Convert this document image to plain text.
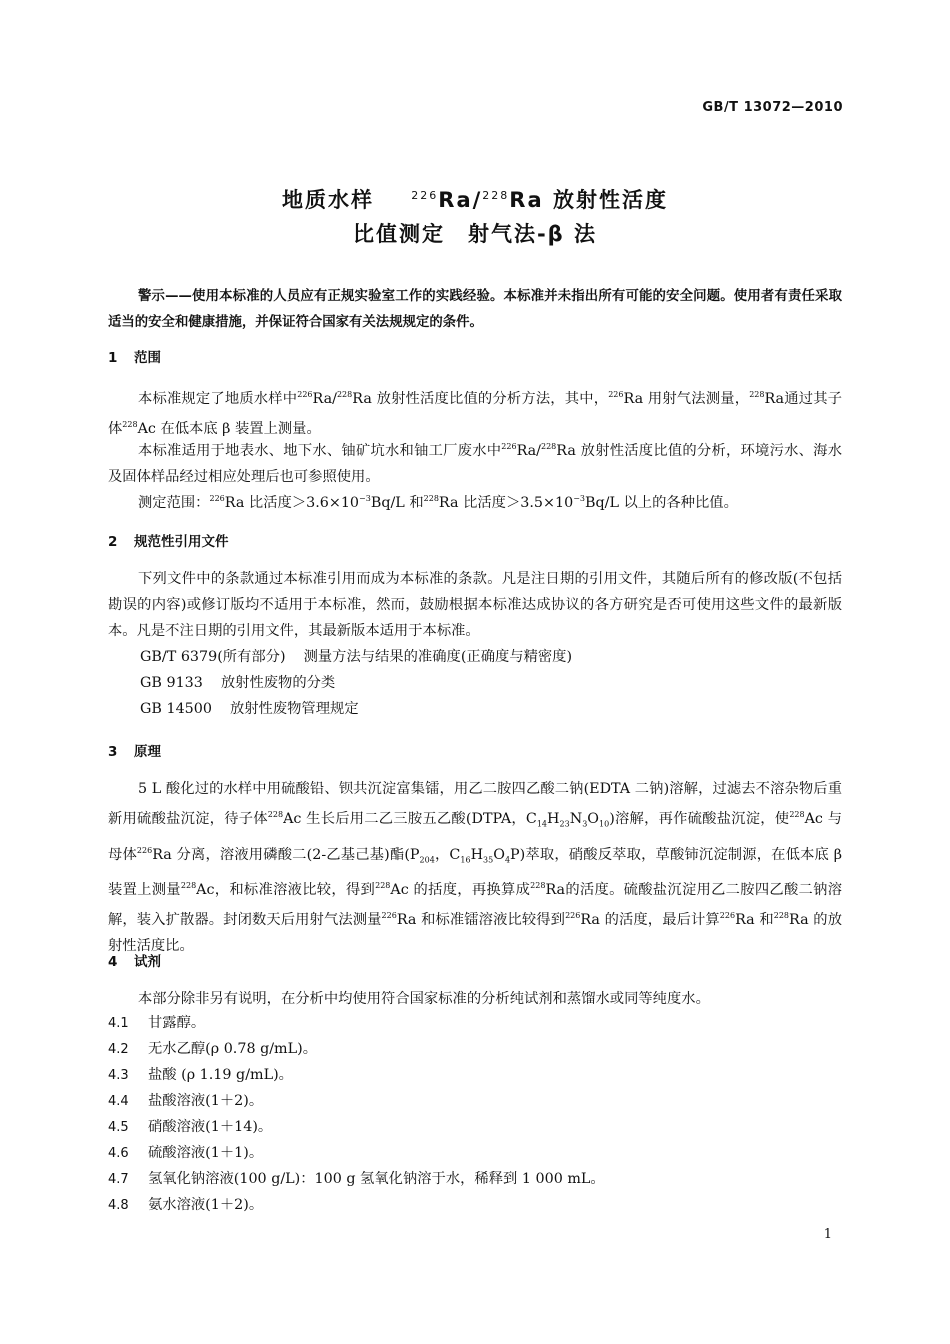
GB/T 13072—2010
地质水样	$^{226}$Ra/$^{228}$Ra 放射性活度
比值测定　射气法-β 法
警示——使用本标准的人员应有正规实验室工作的实践经验。本标准并未指出所有可能的安全问题。使用者有责任采取适当的安全和健康措施，并保证符合国家有关法规规定的条件。
1 范围
本标准规定了地质水样中$^{226}$Ra/$^{228}$Ra 放射性活度比值的分析方法，其中，$^{226}$Ra 用射气法测量，$^{228}$Ra通过其子体$^{228}$Ac 在低本底 β 装置上测量。
本标准适用于地表水、地下水、铀矿坑水和铀工厂废水中$^{226}$Ra/$^{228}$Ra 放射性活度比值的分析，环境污水、海水及固体样品经过相应处理后也可参照使用。
测定范围：$^{226}$Ra 比活度$>3.6\times 10^{-3}Bq/L$ 和$^{228}$Ra 比活度$>3.5\times 10^{-3}Bq/L$ 以上的各种比值。
2 规范性引用文件
下列文件中的条款通过本标准引用而成为本标准的条款。凡是注日期的引用文件，其随后所有的修改版(不包括勘误的内容)或修订版均不适用于本标准，然而，鼓励根据本标准达成协议的各方研究是否可使用这些文件的最新版本。凡是不注日期的引用文件，其最新版本适用于本标准。
GB/T 6379(所有部分) 测量方法与结果的准确度(正确度与精密度)
GB 9133 放射性废物的分类
GB 14500 放射性废物管理规定
3 原理
5 L 酸化过的水样中用硫酸铅、钡共沉淀富集镭，用乙二胺四乙酸二钠(EDTA 二钠)溶解，过滤去不溶杂物后重新用硫酸盐沉淀，待子体$^{228}$Ac 生长后用二乙三胺五乙酸(DTPA，$C_{14}H_{23}N_3O_{10}$)溶解，再作硫酸盐沉淀，使$^{228}$Ac 与母体$^{226}$Ra 分离，溶液用磷酸二(2-乙基己基)酯($P_{204}$，$C_{16}H_{35}O_4P$)萃取，硝酸反萃取，草酸铈沉淀制源，在低本底 β 装置上测量$^{228}$Ac，和标准溶液比较，得到$^{228}$Ac 的括度，再换算成$^{228}$Ra的活度。硫酸盐沉淀用乙二胺四乙酸二钠溶解，装入扩散器。封闭数天后用射气法测量$^{226}$Ra 和标准镭溶液比较得到$^{226}$Ra 的活度，最后计算$^{226}$Ra 和$^{228}$Ra 的放射性活度比。
4 试剂
本部分除非另有说明，在分析中均使用符合国家标准的分析纯试剂和蒸馏水或同等纯度水。
4.1 甘露醇。
4.2 无水乙醇(ρ 0.78 g/mL)。
4.3 盐酸 (ρ 1.19 g/mL)。
4.4 盐酸溶液(1＋2)。
4.5 硝酸溶液(1＋14)。
4.6 硫酸溶液(1＋1)。
4.7 氢氧化钠溶液(100 g/L)：100 g 氢氧化钠溶于水，稀释到 1 000 mL。
4.8 氨水溶液(1＋2)。
1
